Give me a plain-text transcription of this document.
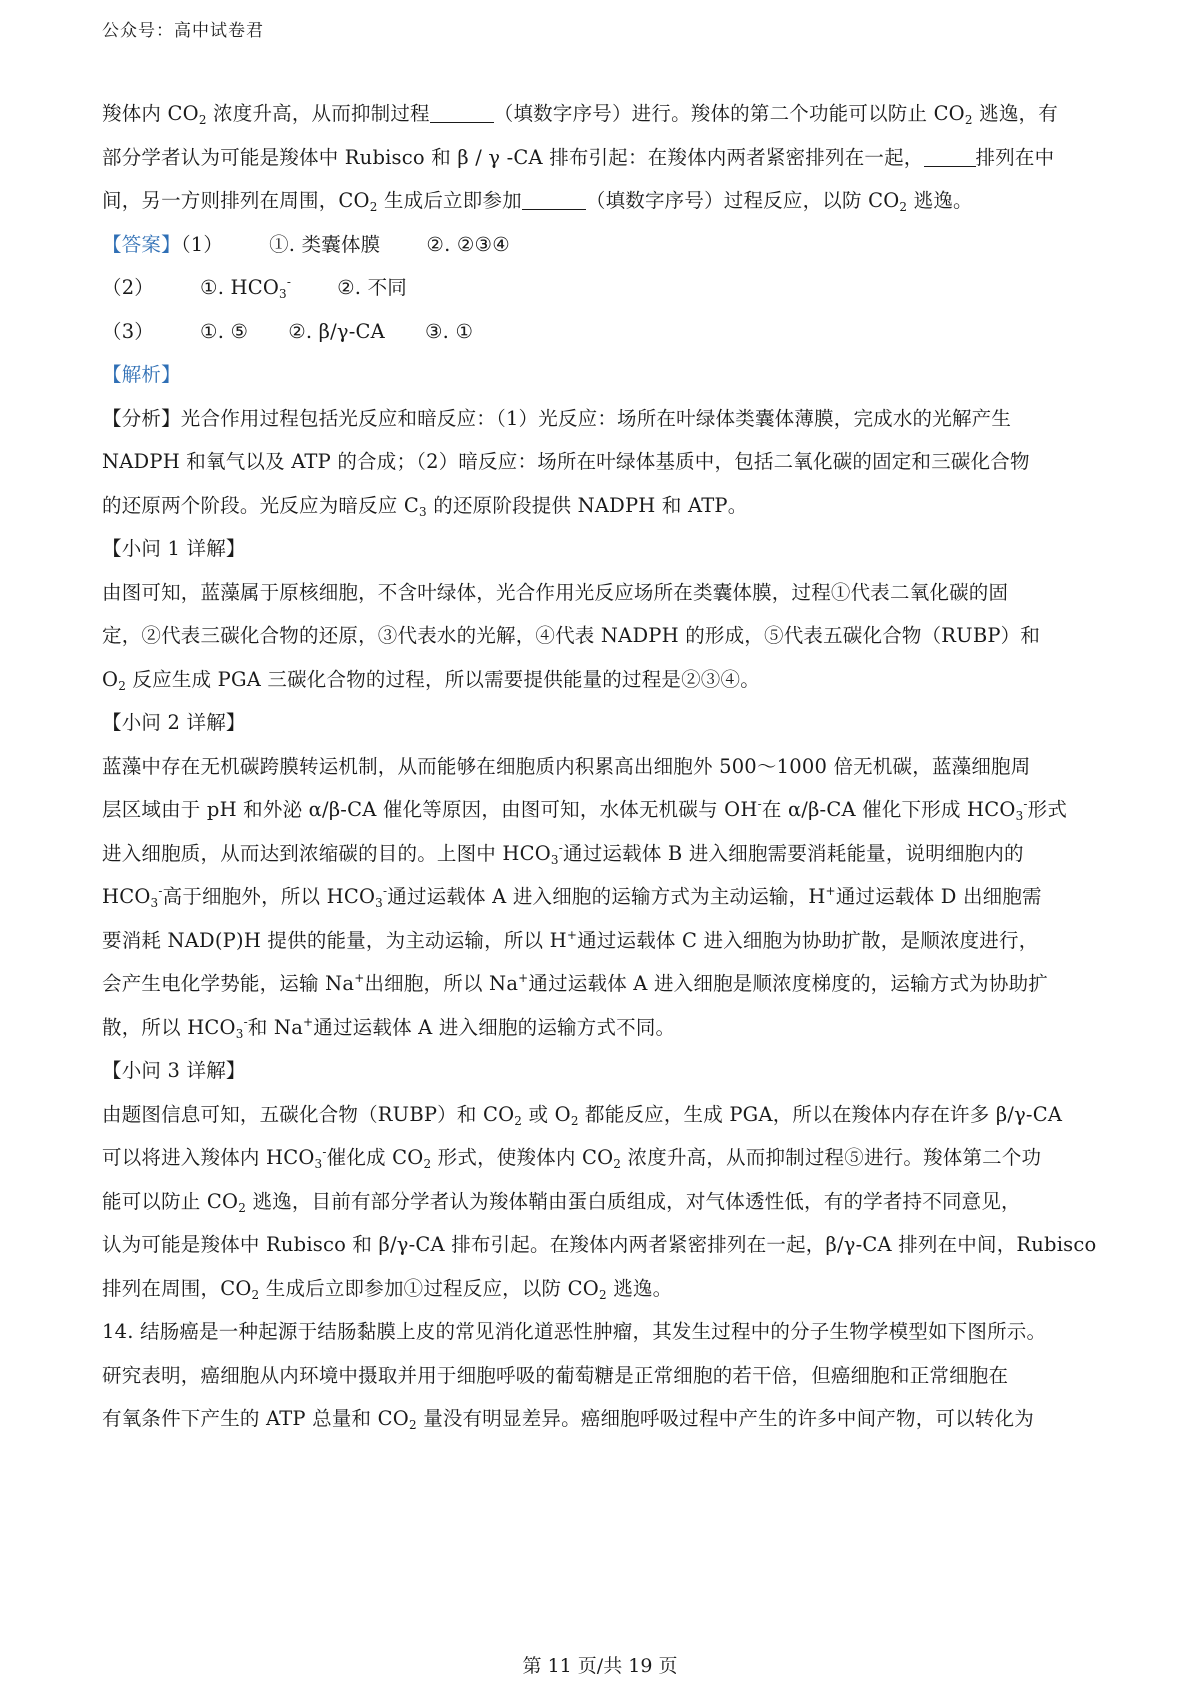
公众号：高中试卷君
羧体内 $CO_2$ 浓度升高，从而抑制过程	（填数字序号）进行。羧体的第二个功能可以防止 $CO_2$ 逃逸，有
部分学者认为可能是羧体中 Rubisco 和 β / γ -CA 排布引起：在羧体内两者紧密排列在一起，	排列在中
间，另一方则排列在周围，$CO_2$ 生成后立即参加	（填数字序号）过程反应，以防 $CO_2$ 逃逸。
【答案】（1） ①. 类囊体膜 ②. ②③④
（2） ①. $HCO_3^-$ ②. 不同
（3） ①. ⑤ ②. β/γ-CA ③. ①
【解析】
【分析】光合作用过程包括光反应和暗反应：（1）光反应：场所在叶绿体类囊体薄膜，完成水的光解产生
NADPH 和氧气以及 ATP 的合成；（2）暗反应：场所在叶绿体基质中，包括二氧化碳的固定和三碳化合物
的还原两个阶段。光反应为暗反应 $C_3$ 的还原阶段提供 NADPH 和 ATP。
【小问 1 详解】
由图可知，蓝藻属于原核细胞，不含叶绿体，光合作用光反应场所在类囊体膜，过程①代表二氧化碳的固
定，②代表三碳化合物的还原，③代表水的光解，④代表 NADPH 的形成，⑤代表五碳化合物（RUBP）和
$O_2$ 反应生成 PGA 三碳化合物的过程，所以需要提供能量的过程是②③④。
【小问 2 详解】
蓝藻中存在无机碳跨膜转运机制，从而能够在细胞质内积累高出细胞外 500～1000 倍无机碳，蓝藻细胞周
层区域由于 pH 和外泌 α/β-CA 催化等原因，由图可知，水体无机碳与 OH-在 α/β-CA 催化下形成 $HCO_3^-$形式
进入细胞质，从而达到浓缩碳的目的。上图中 $HCO_3^-$通过运载体 B 进入细胞需要消耗能量，说明细胞内的
$HCO_3^-$高于细胞外，所以 $HCO_3^-$通过运载体 A 进入细胞的运输方式为主动运输，H+通过运载体 D 出细胞需
要消耗 NAD(P)H 提供的能量，为主动运输，所以 H+通过运载体 C 进入细胞为协助扩散，是顺浓度进行，
会产生电化学势能，运输 Na+出细胞，所以 Na+通过运载体 A 进入细胞是顺浓度梯度的，运输方式为协助扩
散，所以 $HCO_3^-$和 Na+通过运载体 A 进入细胞的运输方式不同。
【小问 3 详解】
由题图信息可知，五碳化合物（RUBP）和 $CO_2$ 或 $O_2$ 都能反应，生成 PGA，所以在羧体内存在许多 β/γ-CA
可以将进入羧体内 $HCO_3^-$催化成 $CO_2$ 形式，使羧体内 $CO_2$ 浓度升高，从而抑制过程⑤进行。羧体第二个功
能可以防止 $CO_2$ 逃逸，目前有部分学者认为羧体鞘由蛋白质组成，对气体透性低，有的学者持不同意见，
认为可能是羧体中 Rubisco 和 β/γ-CA 排布引起。在羧体内两者紧密排列在一起，β/γ-CA 排列在中间，Rubisco
排列在周围，$CO_2$ 生成后立即参加①过程反应，以防 $CO_2$ 逃逸。
14. 结肠癌是一种起源于结肠黏膜上皮的常见消化道恶性肿瘤，其发生过程中的分子生物学模型如下图所示。
研究表明，癌细胞从内环境中摄取并用于细胞呼吸的葡萄糖是正常细胞的若干倍，但癌细胞和正常细胞在
有氧条件下产生的 ATP 总量和 $CO_2$ 量没有明显差异。癌细胞呼吸过程中产生的许多中间产物，可以转化为
第 11 页/共 19 页
